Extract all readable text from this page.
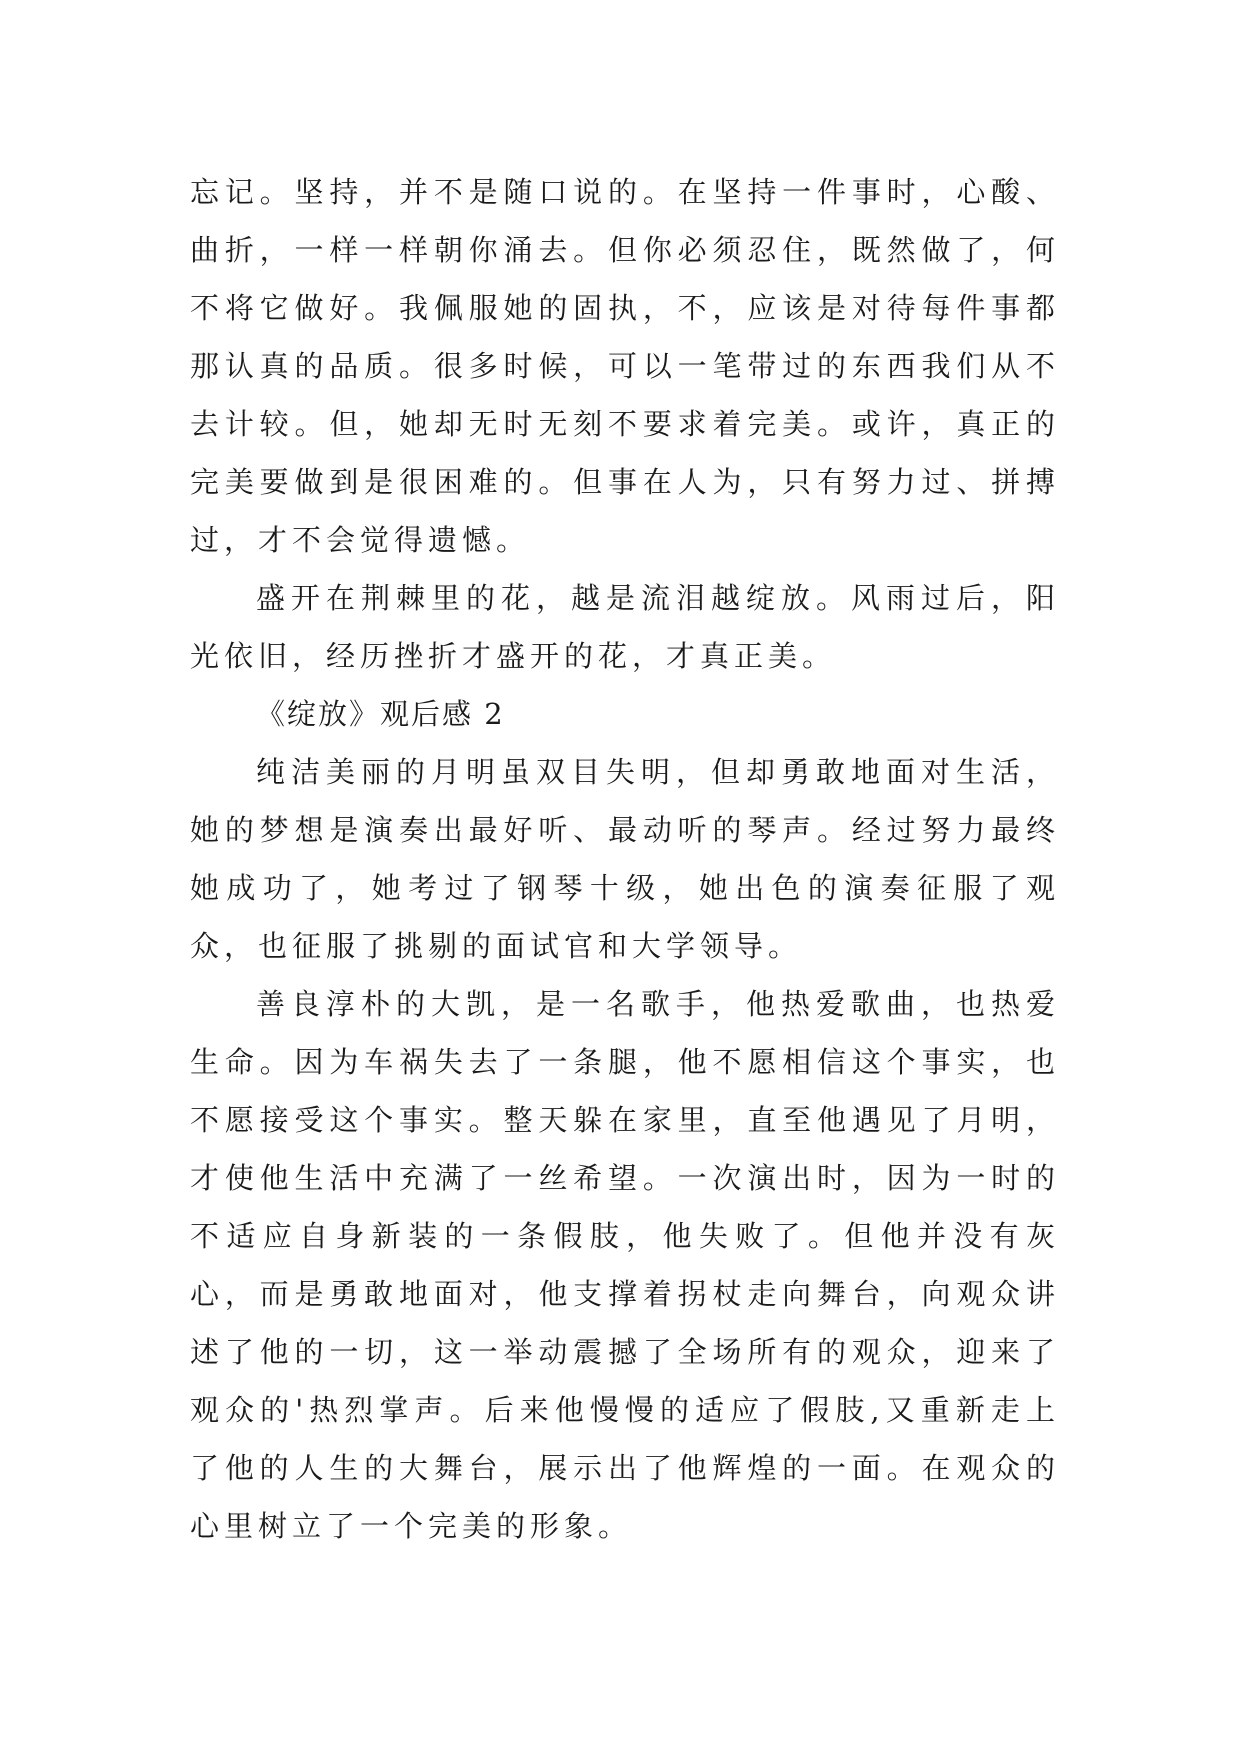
忘记。坚持，并不是随口说的。在坚持一件事时，心酸、曲折，一样一样朝你涌去。但你必须忍住，既然做了，何不将它做好。我佩服她的固执，不，应该是对待每件事都那认真的品质。很多时候，可以一笔带过的东西我们从不去计较。但，她却无时无刻不要求着完美。或许，真正的完美要做到是很困难的。但事在人为，只有努力过、拼搏过，才不会觉得遗憾。

盛开在荆棘里的花，越是流泪越绽放。风雨过后，阳光依旧，经历挫折才盛开的花，才真正美。

《绽放》观后感 2

纯洁美丽的月明虽双目失明，但却勇敢地面对生活，她的梦想是演奏出最好听、最动听的琴声。经过努力最终她成功了，她考过了钢琴十级，她出色的演奏征服了观众，也征服了挑剔的面试官和大学领导。

善良淳朴的大凯，是一名歌手，他热爱歌曲，也热爱生命。因为车祸失去了一条腿，他不愿相信这个事实，也不愿接受这个事实。整天躲在家里，直至他遇见了月明，才使他生活中充满了一丝希望。一次演出时，因为一时的不适应自身新装的一条假肢，他失败了。但他并没有灰心，而是勇敢地面对，他支撑着拐杖走向舞台，向观众讲述了他的一切，这一举动震撼了全场所有的观众，迎来了观众的'热烈掌声。后来他慢慢的适应了假肢,又重新走上了他的人生的大舞台，展示出了他辉煌的一面。在观众的心里树立了一个完美的形象。
